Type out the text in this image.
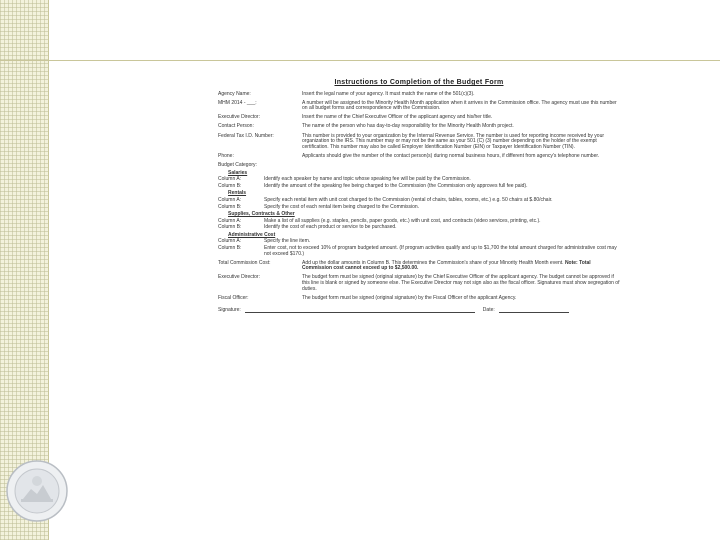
Instructions to Completion of the Budget Form
Agency Name:	Insert the legal name of your agency. It must match the name of the 501(c)(3).
MHM 2014 - ___:	A number will be assigned to the Minority Health Month application when it arrives in the Commission office. The agency must use this number on all budget forms and correspondence with the Commission.
Executive Director:	Insert the name of the Chief Executive Officer of the applicant agency and his/her title.
Contact Person:	The name of the person who has day-to-day responsibility for the Minority Health Month project.
Federal Tax I.D. Number:	This number is provided to your organization by the Internal Revenue Service. The number is used for reporting income received by your organization to the IRS. This number may or may not be the same as your 501 (C) (3) number depending on the holder of the exempt certification. This number may also be called Employer Identification Number (EIN) or Taxpayer Identification Number (TIN).
Phone:	Applicants should give the number of the contact person(s) during normal business hours, if different from agency's telephone number.
Budget Category:
Salaries
Column A:	Identify each speaker by name and topic whose speaking fee will be paid by the Commission.
Column B:	Identify the amount of the speaking fee being charged to the Commission (the Commission only approves full fee paid).
Rentals
Column A:	Specify each rental item with unit cost charged to the Commission (rental of chairs, tables, rooms, etc.) e.g. 50 chairs at $.80/chair.
Column B:	Specify the cost of each rental item being charged to the Commission.
Supplies, Contracts & Other
Column A:	Make a list of all supplies (e.g. staples, pencils, paper goods, etc.) with unit cost, and contracts (video services, printing, etc.).
Column B:	Identify the cost of each product or service to be purchased.
Administrative Cost
Column A:	Specify the line item.
Column B:	Enter cost, not to exceed 10% of program budgeted amount. (If program activities qualify and up to $1,700 the total amount charged for administrative cost may not exceed $170.)
Total Commission Cost:	Add up the dollar amounts in Column B. This determines the Commission's share of your Minority Health Month event. Note: Total Commission cost cannot exceed up to $2,500.00.
Executive Director:	The budget form must be signed (original signature) by the Chief Executive Officer of the applicant agency. The budget cannot be approved if this line is blank or signed by someone else. The Executive Director may not sign also as the fiscal officer. Signatures must show segregation of duties.
Fiscal Officer:	The budget form must be signed (original signature) by the Fiscal Officer of the applicant Agency.
Signature:	Date:
